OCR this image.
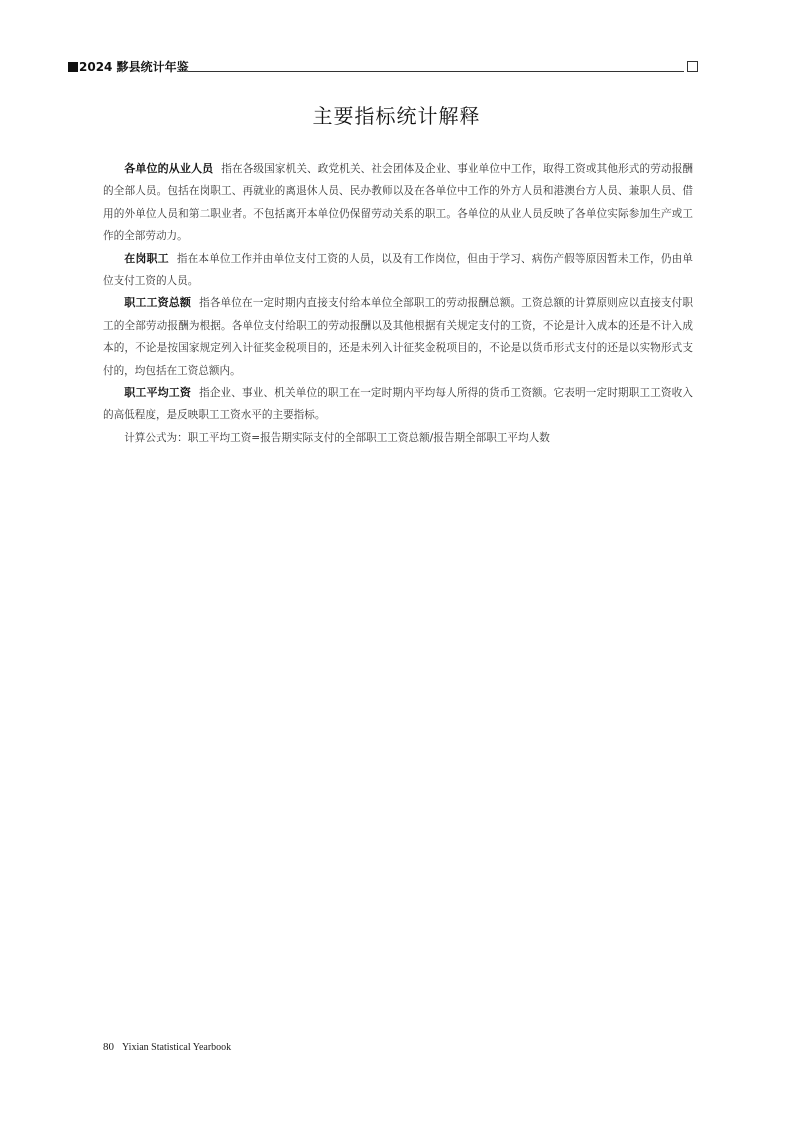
2024 黟县统计年鉴
主要指标统计解释

各单位的从业人员 指在各级国家机关、政党机关、社会团体及企业、事业单位中工作，取得工资或其他形式的劳动报酬的全部人员。包括在岗职工、再就业的离退休人员、民办教师以及在各单位中工作的外方人员和港澳台方人员、兼职人员、借用的外单位人员和第二职业者。不包括离开本单位仍保留劳动关系的职工。各单位的从业人员反映了各单位实际参加生产或工作的全部劳动力。

在岗职工 指在本单位工作并由单位支付工资的人员，以及有工作岗位，但由于学习、病伤产假等原因暂未工作，仍由单位支付工资的人员。

职工工资总额 指各单位在一定时期内直接支付给本单位全部职工的劳动报酬总额。工资总额的计算原则应以直接支付职工的全部劳动报酬为根据。各单位支付给职工的劳动报酬以及其他根据有关规定支付的工资，不论是计入成本的还是不计入成本的，不论是按国家规定列入计征奖金税项目的，还是未列入计征奖金税项目的，不论是以货币形式支付的还是以实物形式支付的，均包括在工资总额内。

职工平均工资 指企业、事业、机关单位的职工在一定时期内平均每人所得的货币工资额。它表明一定时期职工工资收入的高低程度，是反映职工工资水平的主要指标。

计算公式为：职工平均工资=报告期实际支付的全部职工工资总额/报告期全部职工平均人数

80 Yixian Statistical Yearbook
